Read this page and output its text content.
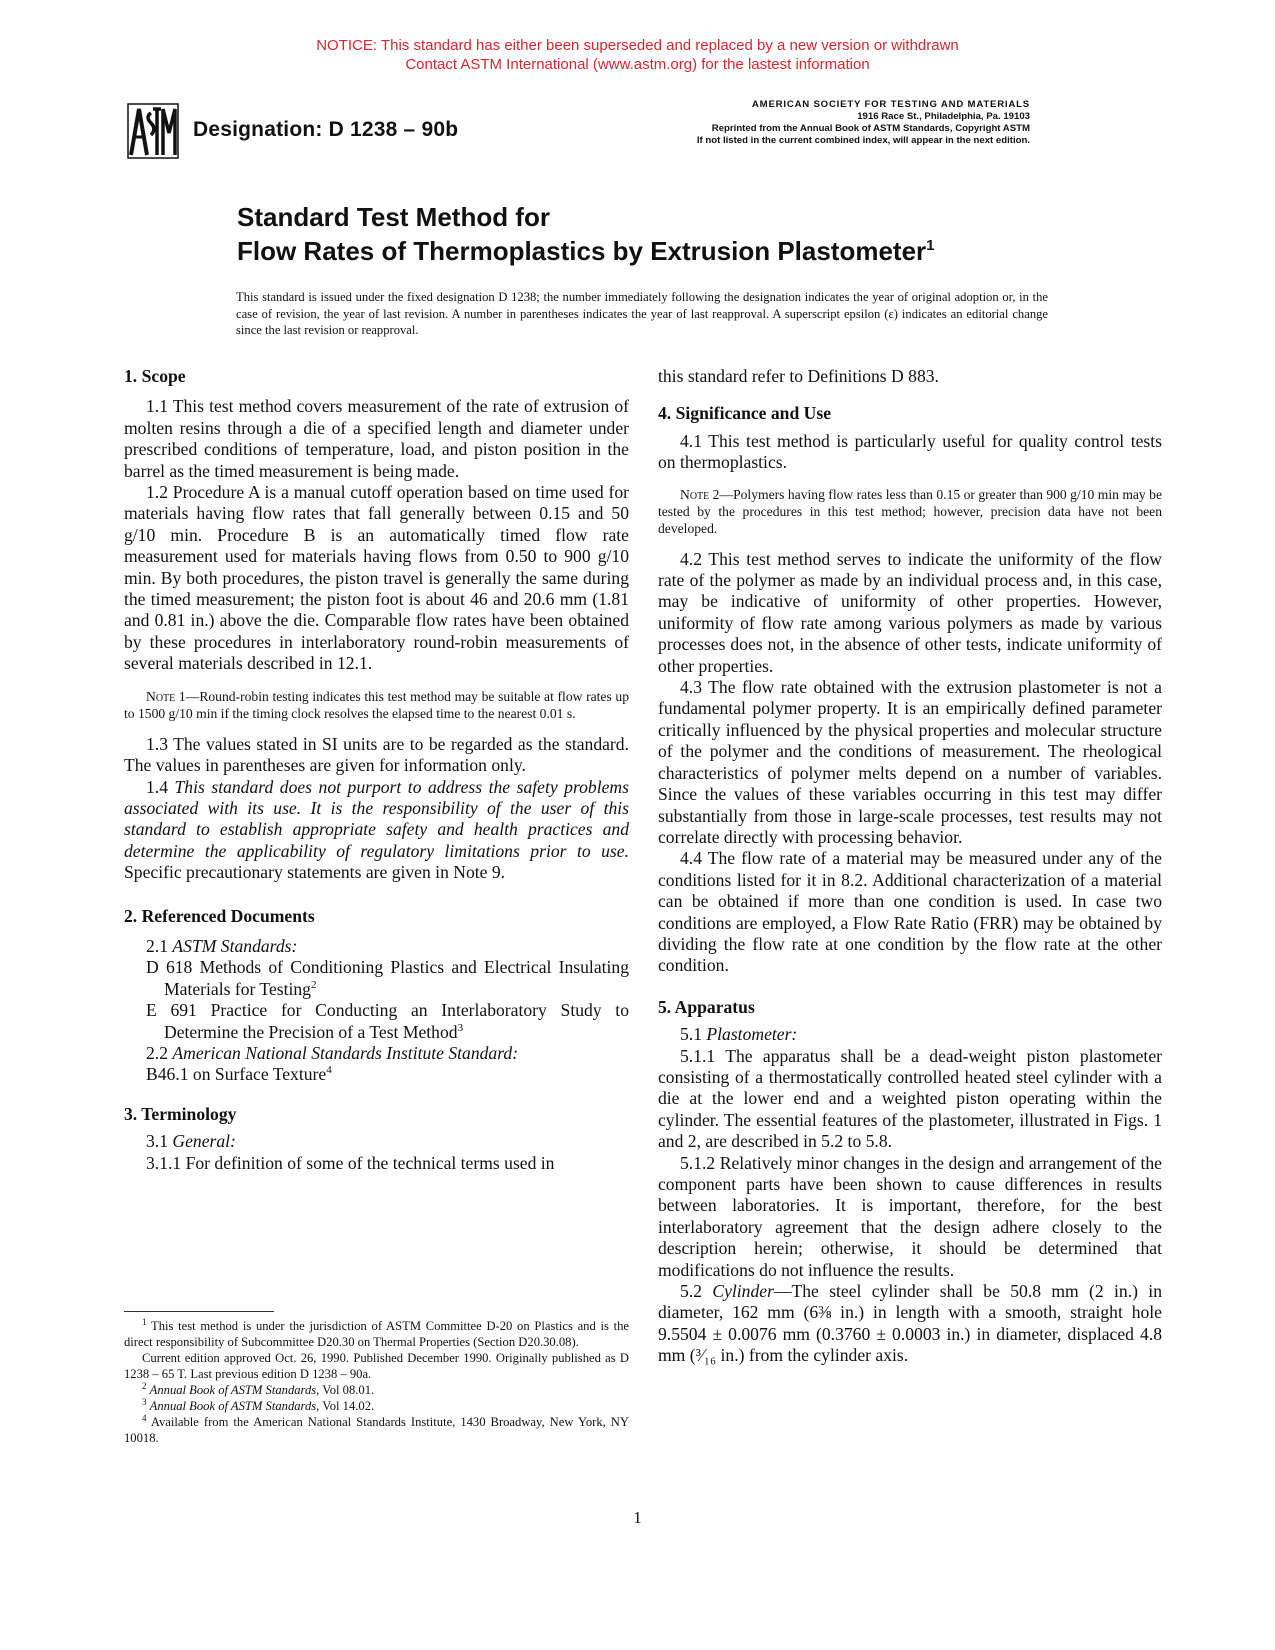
NOTICE: This standard has either been superseded and replaced by a new version or withdrawn
Contact ASTM International (www.astm.org) for the lastest information
Designation: D 1238 – 90b
AMERICAN SOCIETY FOR TESTING AND MATERIALS
1916 Race St., Philadelphia, Pa. 19103
Reprinted from the Annual Book of ASTM Standards, Copyright ASTM
If not listed in the current combined index, will appear in the next edition.
Standard Test Method for
Flow Rates of Thermoplastics by Extrusion Plastometer$^1$
This standard is issued under the fixed designation D 1238; the number immediately following the designation indicates the year of original adoption or, in the case of revision, the year of last revision. A number in parentheses indicates the year of last reapproval. A superscript epsilon (ε) indicates an editorial change since the last revision or reapproval.
1. Scope

1.1 This test method covers measurement of the rate of extrusion of molten resins through a die of a specified length and diameter under prescribed conditions of temperature, load, and piston position in the barrel as the timed measurement is being made.

1.2 Procedure A is a manual cutoff operation based on time used for materials having flow rates that fall generally between 0.15 and 50 g/10 min. Procedure B is an automatically timed flow rate measurement used for materials having flows from 0.50 to 900 g/10 min. By both procedures, the piston travel is generally the same during the timed measurement; the piston foot is about 46 and 20.6 mm (1.81 and 0.81 in.) above the die. Comparable flow rates have been obtained by these procedures in interlaboratory round-robin measurements of several materials described in 12.1.

Note 1—Round-robin testing indicates this test method may be suitable at flow rates up to 1500 g/10 min if the timing clock resolves the elapsed time to the nearest 0.01 s.

1.3 The values stated in SI units are to be regarded as the standard. The values in parentheses are given for information only.

1.4 This standard does not purport to address the safety problems associated with its use. It is the responsibility of the user of this standard to establish appropriate safety and health practices and determine the applicability of regulatory limitations prior to use. Specific precautionary statements are given in Note 9.

2. Referenced Documents

2.1 ASTM Standards:

D 618 Methods of Conditioning Plastics and Electrical Insulating Materials for Testing$^2$

E 691 Practice for Conducting an Interlaboratory Study to Determine the Precision of a Test Method$^3$

2.2 American National Standards Institute Standard:

B46.1 on Surface Texture$^4$

3. Terminology

3.1 General:

3.1.1 For definition of some of the technical terms used in

$^1$ This test method is under the jurisdiction of ASTM Committee D-20 on Plastics and is the direct responsibility of Subcommittee D20.30 on Thermal Properties (Section D20.30.08).

Current edition approved Oct. 26, 1990. Published December 1990. Originally published as D 1238 – 65 T. Last previous edition D 1238 – 90a.

$^2$ Annual Book of ASTM Standards, Vol 08.01.

$^3$ Annual Book of ASTM Standards, Vol 14.02.

$^4$ Available from the American National Standards Institute, 1430 Broadway, New York, NY 10018.

this standard refer to Definitions D 883.

4. Significance and Use

4.1 This test method is particularly useful for quality control tests on thermoplastics.

Note 2—Polymers having flow rates less than 0.15 or greater than 900 g/10 min may be tested by the procedures in this test method; however, precision data have not been developed.

4.2 This test method serves to indicate the uniformity of the flow rate of the polymer as made by an individual process and, in this case, may be indicative of uniformity of other properties. However, uniformity of flow rate among various polymers as made by various processes does not, in the absence of other tests, indicate uniformity of other properties.

4.3 The flow rate obtained with the extrusion plastometer is not a fundamental polymer property. It is an empirically defined parameter critically influenced by the physical properties and molecular structure of the polymer and the conditions of measurement. The rheological characteristics of polymer melts depend on a number of variables. Since the values of these variables occurring in this test may differ substantially from those in large-scale processes, test results may not correlate directly with processing behavior.

4.4 The flow rate of a material may be measured under any of the conditions listed for it in 8.2. Additional characterization of a material can be obtained if more than one condition is used. In case two conditions are employed, a Flow Rate Ratio (FRR) may be obtained by dividing the flow rate at one condition by the flow rate at the other condition.

5. Apparatus

5.1 Plastometer:

5.1.1 The apparatus shall be a dead-weight piston plastometer consisting of a thermostatically controlled heated steel cylinder with a die at the lower end and a weighted piston operating within the cylinder. The essential features of the plastometer, illustrated in Figs. 1 and 2, are described in 5.2 to 5.8.

5.1.2 Relatively minor changes in the design and arrangement of the component parts have been shown to cause differences in results between laboratories. It is important, therefore, for the best interlaboratory agreement that the design adhere closely to the description herein; otherwise, it should be determined that modifications do not influence the results.

5.2 Cylinder—The steel cylinder shall be 50.8 mm (2 in.) in diameter, 162 mm (6⅜ in.) in length with a smooth, straight hole 9.5504 ± 0.0076 mm (0.3760 ± 0.0003 in.) in diameter, displaced 4.8 mm (³⁄₁₆ in.) from the cylinder axis.

1
